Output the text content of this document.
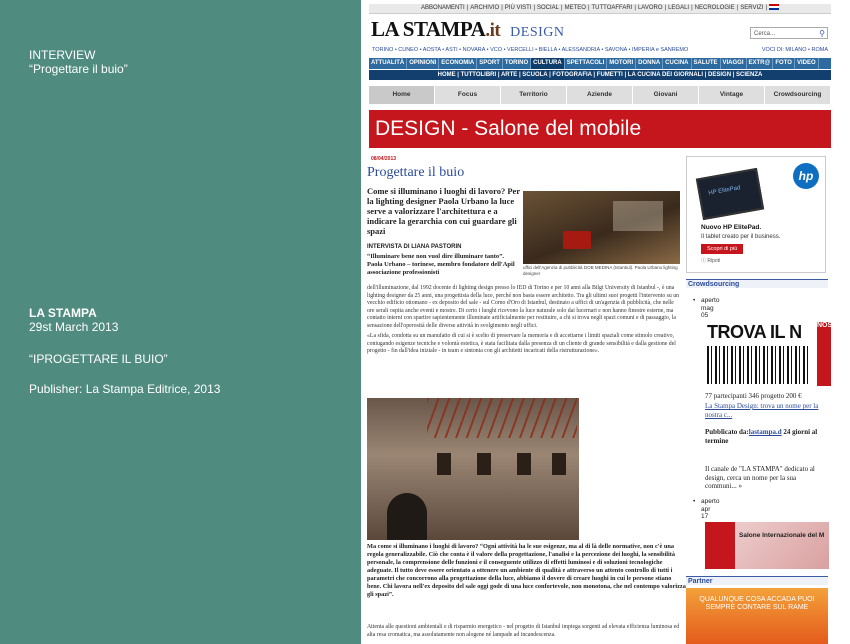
INTERVIEW
“Progettare il buio”
LA STAMPA
29st March 2013
“IPROGETTARE IL BUIO”
Publisher: La Stampa Editrice, 2013
ABBONAMENTI | ARCHIVIO | PIÙ VISTI | SOCIAL | METEO | TUTTOAFFARI | LAVORO | LEGALI | NECROLOGIE | SERVIZI |
LA STAMPA.it DESIGN	Cerca...	⚲
TORINO • CUNEO • AOSTA • ASTI • NOVARA • VCO • VERCELLI • BIELLA • ALESSANDRIA • SAVONA • IMPERIA e SANREMO	VOCI DI: MILANO • ROMA
ATTUALITÀ OPINIONI ECONOMIA SPORT TORINO CULTURA SPETTACOLI MOTORI DONNA CUCINA SALUTE VIAGGI EXTR@ FOTO VIDEO
HOME | TUTTOLIBRI | ARTE | SCUOLA | FOTOGRAFIA | FUMETTI | LA CUCINA DEI GIORNALI | DESIGN | SCIENZA
Home	Focus	Territorio	Aziende	Giovani	Vintage	Crowdsourcing
DESIGN - Salone del mobile
08/04/2013
Progettare il buio
Come si illuminano i luoghi di lavoro? Per la lighting designer Paola Urbano la luce serve a valorizzare l'architettura e a indicare la gerarchia con cui guardare gli spazi
INTERVISTA DI LIANA PASTORIN
uffici dell'Agenzia di pubblicità DOB MEDINA (Istanbul). Paola Urbano lighting designer
“Illuminare bene non vuol dire illuminare tanto”. Paola Urbano – torinese, membro fondatore dell'Apil associazione professionisti

dell'illuminazione, dal 1992 docente di lighting design presso lo IED di Torino e per 10 anni alla Bilgi University di Istanbul -, è una lighting designer da 25 anni, una progettista della luce, perché non basta essere architetto. Tra gli ultimi suoi progetti l'intervento su un vecchio edificio ottomano - ex deposito del sale - sul Corno d'Oro di Istanbul, destinato a uffici di un'agenzia di pubblicità, che nelle ore serali ospita anche eventi e mostre. Di certo i luoghi ricevono la luce naturale solo dai lucernari e non hanno finestre esterne, ma contatto interni con spartire sapientemente illuminate artificialmente per restituire, a chi si trova negli spazi comuni e di passaggio, la sensazione dell'operosità delle diverse attività in svolgimento negli uffici.

«La sfida, condotta su un manufatto di cui si è scelto di preservare la memoria e di accettarne i limiti spaziali come stimolo creativo, coniugando esigenze tecniche e volontà estetica, è stata facilitata dalla presenza di un cliente di grande sensibilità e dalla gestione del progetto - fin dall'idea iniziale - in team e sintonia con gli architetti incaricati della ristrutturazione».

Ma come si illuminano i luoghi di lavoro? “Ogni attività ha le sue esigenze, ma al di là delle normative, non c'è una regola generalizzabile. Ciò che conta è il valore della progettazione, l'analisi e la percezione dei luoghi, la sensibilità personale, la comprensione delle funzioni e il conseguente utilizzo di effetti luminosi e di soluzioni tecnologiche adeguate. Il tutto deve essere orientato a ottenere un ambiente di qualità e attraverso un attento controllo di tutti i parametri che concorrono alla progettazione della luce, abbiamo il dovere di creare luoghi in cui le persone stiano bene. Chi lavora nell'ex deposito del sale oggi gode di una luce confortevole, non monotona, che nel contempo valorizza gli spazi”.
Attenta alle questioni ambientali e di risparmio energetico - nel progetto di Istanbul impiega sorgenti ad elevata efficienza luminosa ed alta resa cromatica, ma assolutamente non alogene né lampade ad incandescenza.
HP ElitePad
hp
Nuovo HP ElitePad.
Il tablet creato per il business.
Scopri di più
ⓘ Ripoti
Crowdsourcing
• aperto
mag
05
TROVA IL N NOSTRO
77 partecipanti 346 progetto 200 €
La Stampa Design: trova un nome per la nostra c...
Pubblicato da:lastampa.d 24 giorni al termine
Il canale de "LA STAMPA" dedicato al design, cerca un nome per la sua communi... »
• aperto
apr
17
Salone Internazionale del M
Partner
QUALUNQUE COSA ACCADA PUOI SEMPRE CONTARE SUL RAME
